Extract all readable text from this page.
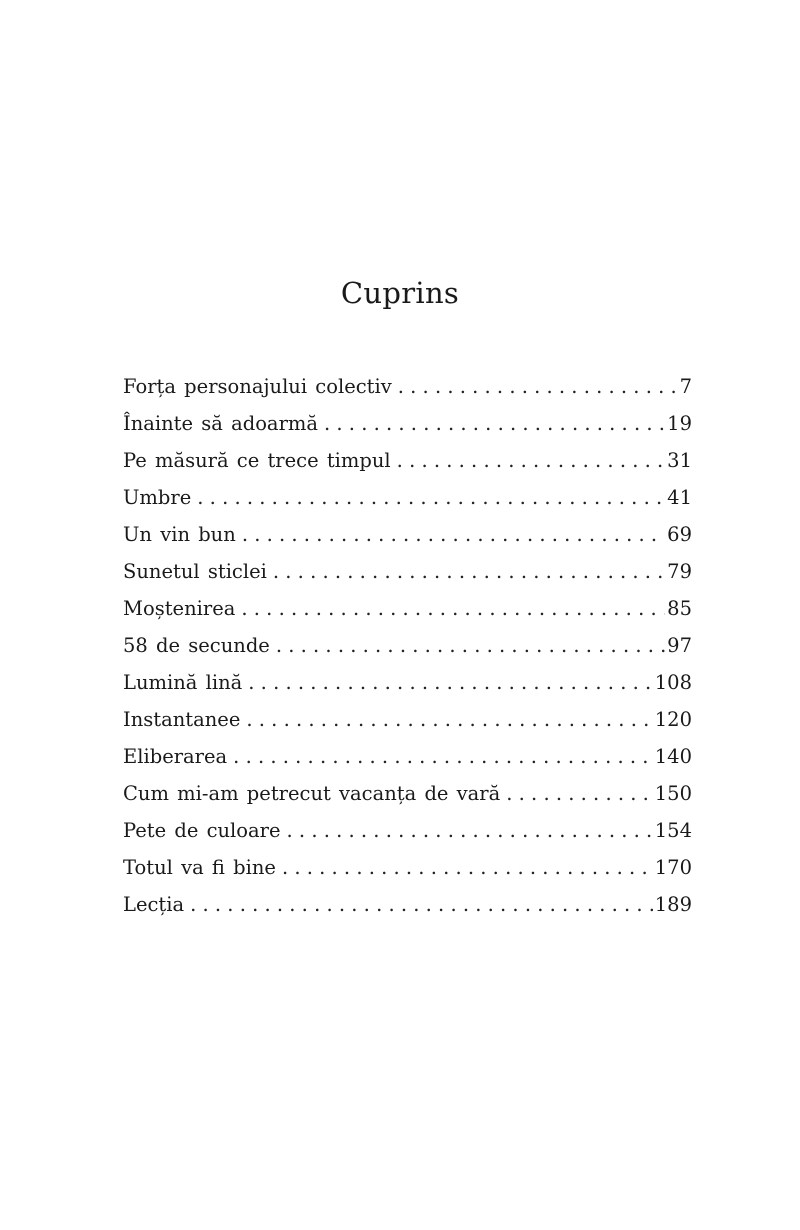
Cuprins
Forța personajului colectiv . . .	7
Înainte să adoarmă . . .	19
Pe măsură ce trece timpul . . .	31
Umbre . . .	41
Un vin bun . . .	69
Sunetul sticlei . . .	79
Moștenirea . . .	85
58 de secunde . . .	97
Lumină lină . . .	108
Instantanee . . .	120
Eliberarea . . .	140
Cum mi-am petrecut vacanța de vară . . .	150
Pete de culoare . . .	154
Totul va fi bine . . .	170
Lecția . . .	189
